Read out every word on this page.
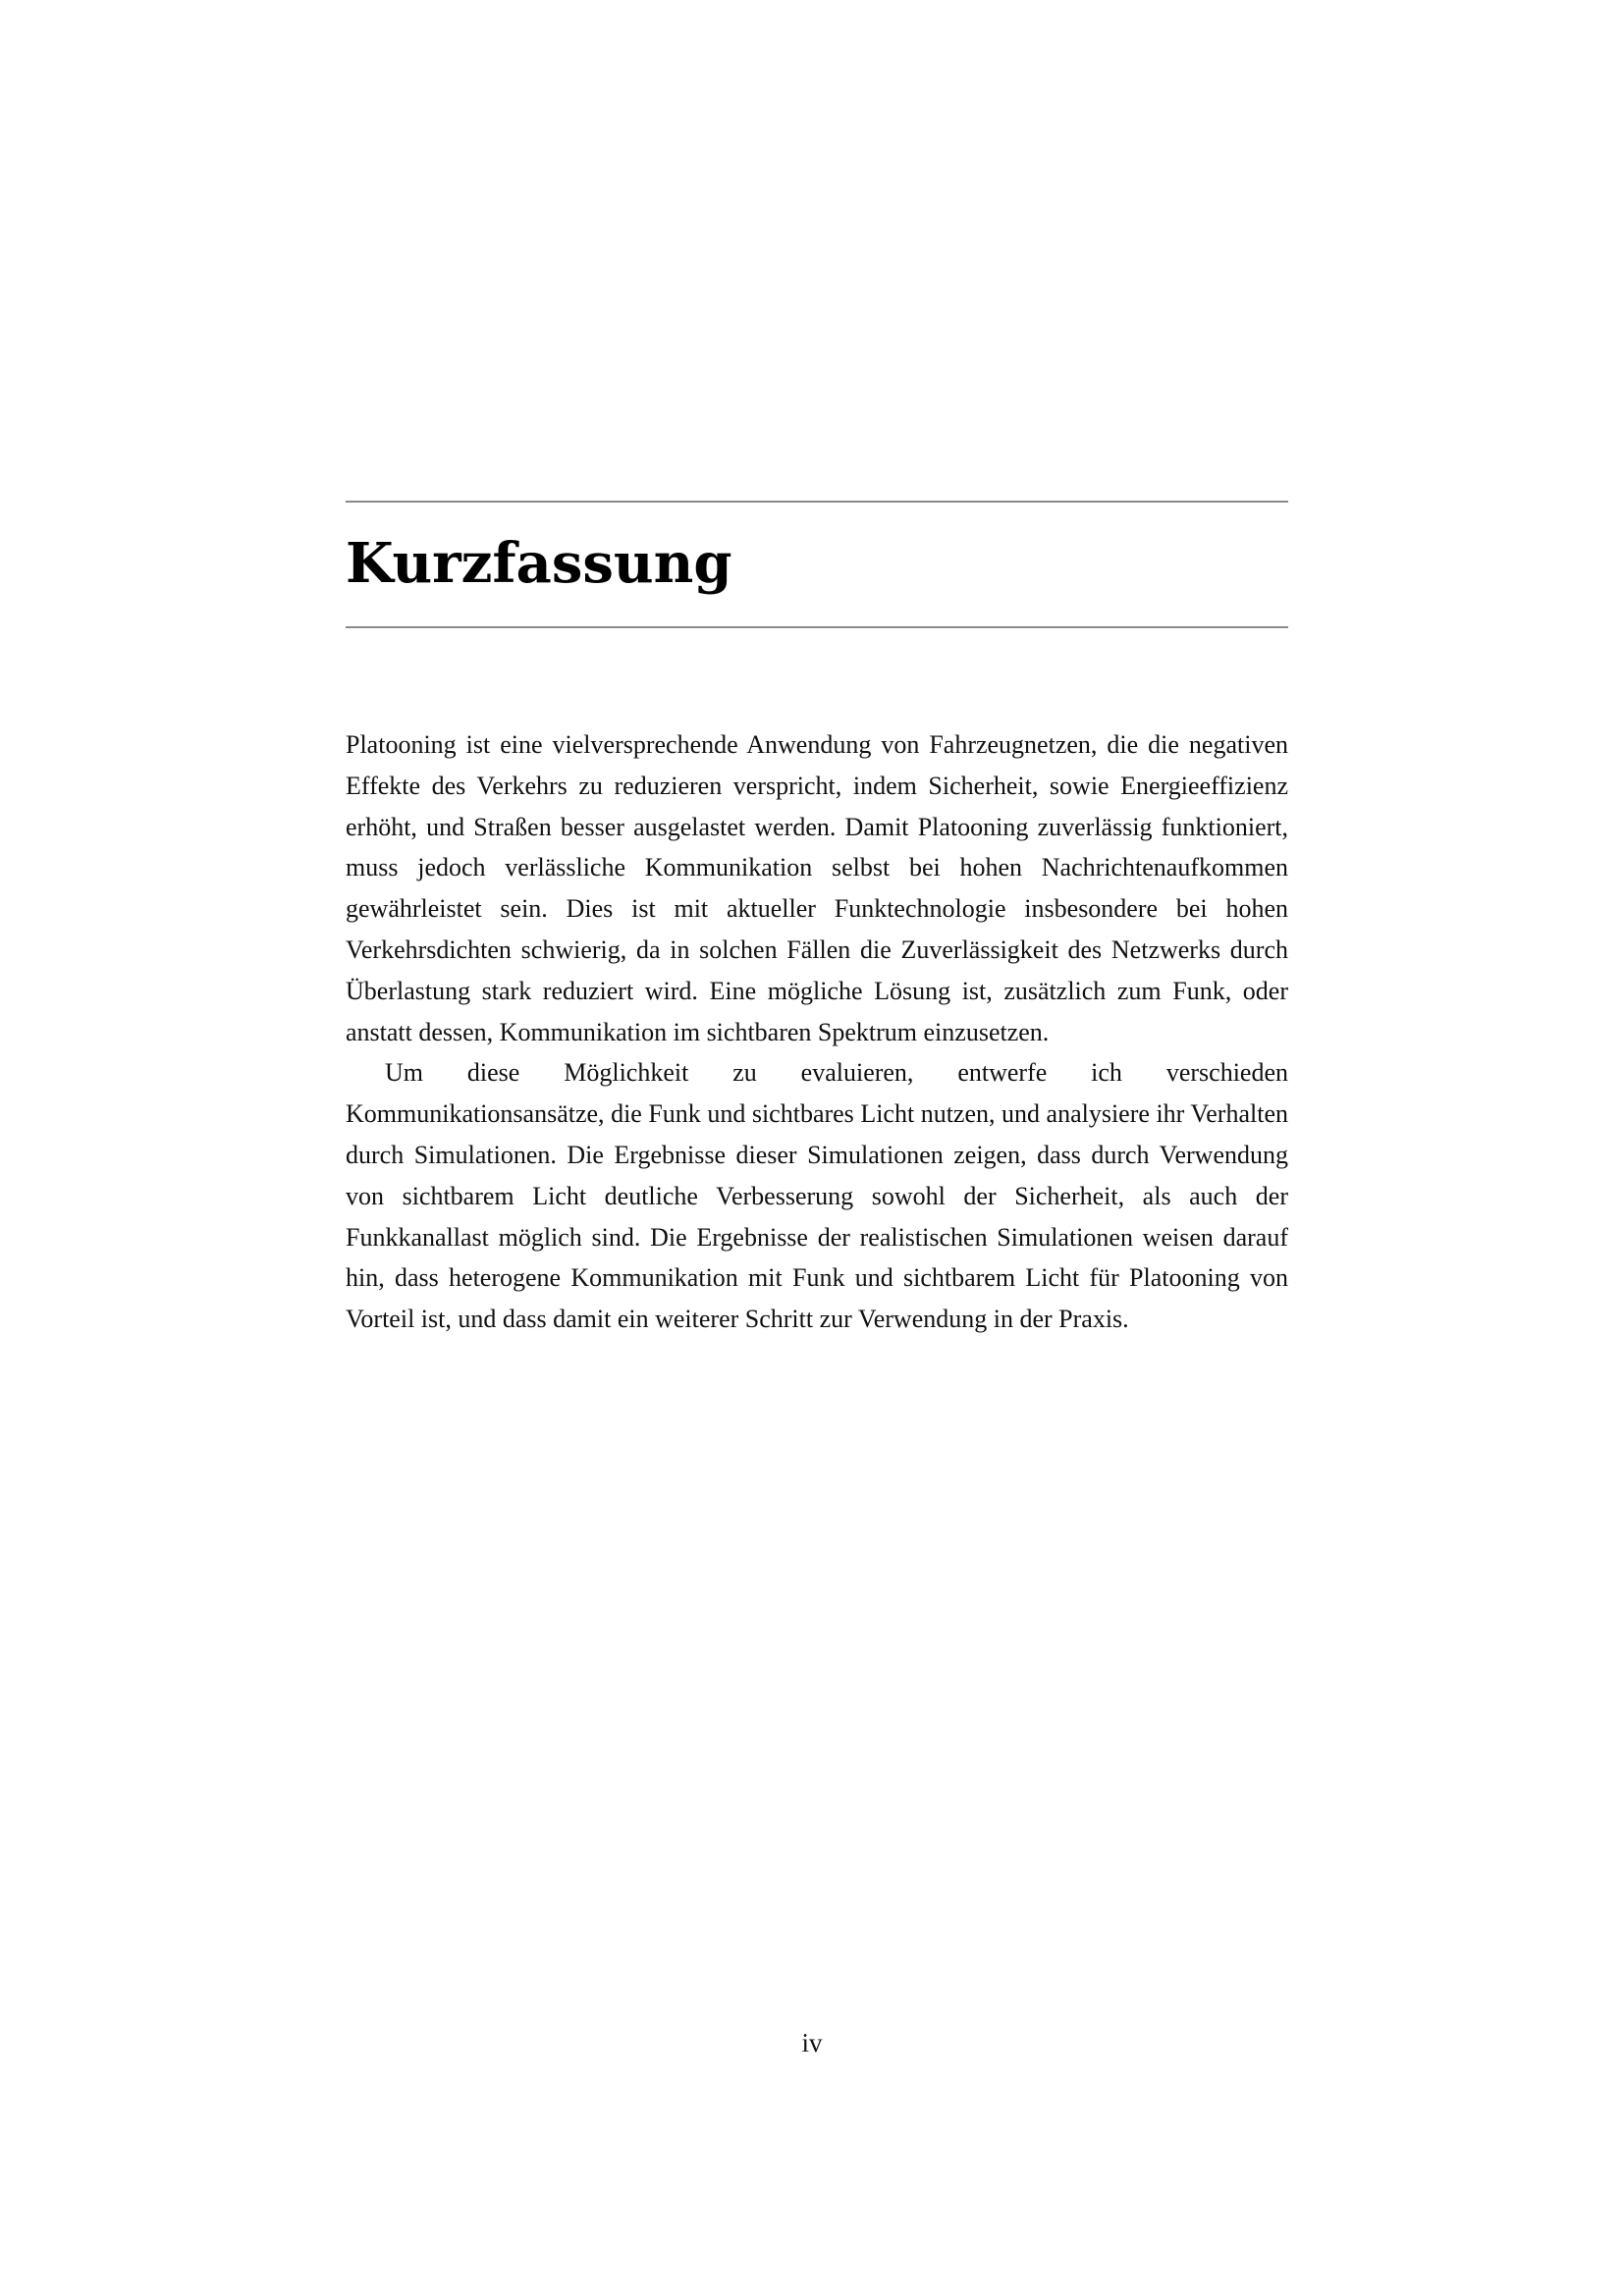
Kurzfassung

Platooning ist eine vielversprechende Anwendung von Fahrzeugnetzen, die die negativen Effekte des Verkehrs zu reduzieren verspricht, indem Sicherheit, sowie Energieeffizienz erhöht, und Straßen besser ausgelastet werden. Damit Platooning zuverlässig funktioniert, muss jedoch verlässliche Kommunikation selbst bei hohen Nachrichtenaufkommen gewährleistet sein. Dies ist mit aktueller Funktechnologie insbesondere bei hohen Verkehrsdichten schwierig, da in solchen Fällen die Zuverlässigkeit des Netzwerks durch Überlastung stark reduziert wird. Eine mögliche Lösung ist, zusätzlich zum Funk, oder anstatt dessen, Kommunikation im sichtbaren Spektrum einzusetzen.

Um diese Möglichkeit zu evaluieren, entwerfe ich verschieden Kommunikationsansätze, die Funk und sichtbares Licht nutzen, und analysiere ihr Verhalten durch Simulationen. Die Ergebnisse dieser Simulationen zeigen, dass durch Verwendung von sichtbarem Licht deutliche Verbesserung sowohl der Sicherheit, als auch der Funkkanallast möglich sind. Die Ergebnisse der realistischen Simulationen weisen darauf hin, dass heterogene Kommunikation mit Funk und sichtbarem Licht für Platooning von Vorteil ist, und dass damit ein weiterer Schritt zur Verwendung in der Praxis.

iv
